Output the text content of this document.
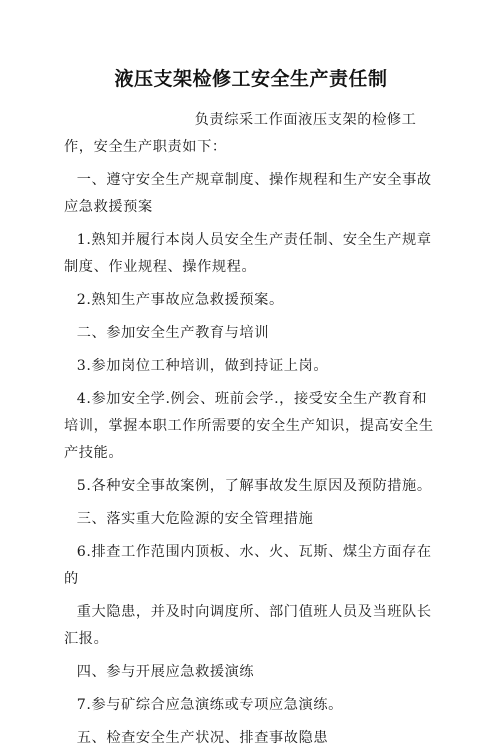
液压支架检修工安全生产责任制

负责综采工作面液压支架的检修工作，安全生产职责如下：

一、遵守安全生产规章制度、操作规程和生产安全事故应急救援预案

1.熟知并履行本岗人员安全生产责任制、安全生产规章制度、作业规程、操作规程。

2.熟知生产事故应急救援预案。

二、参加安全生产教育与培训

3.参加岗位工种培训，做到持证上岗。

4.参加安全学.例会、班前会学.，接受安全生产教育和培训，掌握本职工作所需要的安全生产知识，提高安全生产技能。

5.各种安全事故案例，了解事故发生原因及预防措施。

三、落实重大危险源的安全管理措施

6.排查工作范围内顶板、水、火、瓦斯、煤尘方面存在的

重大隐患，并及时向调度所、部门值班人员及当班队长汇报。

四、参与开展应急救援演练

7.参与矿综合应急演练或专项应急演练。

五、检查安全生产状况、排查事故隐患
